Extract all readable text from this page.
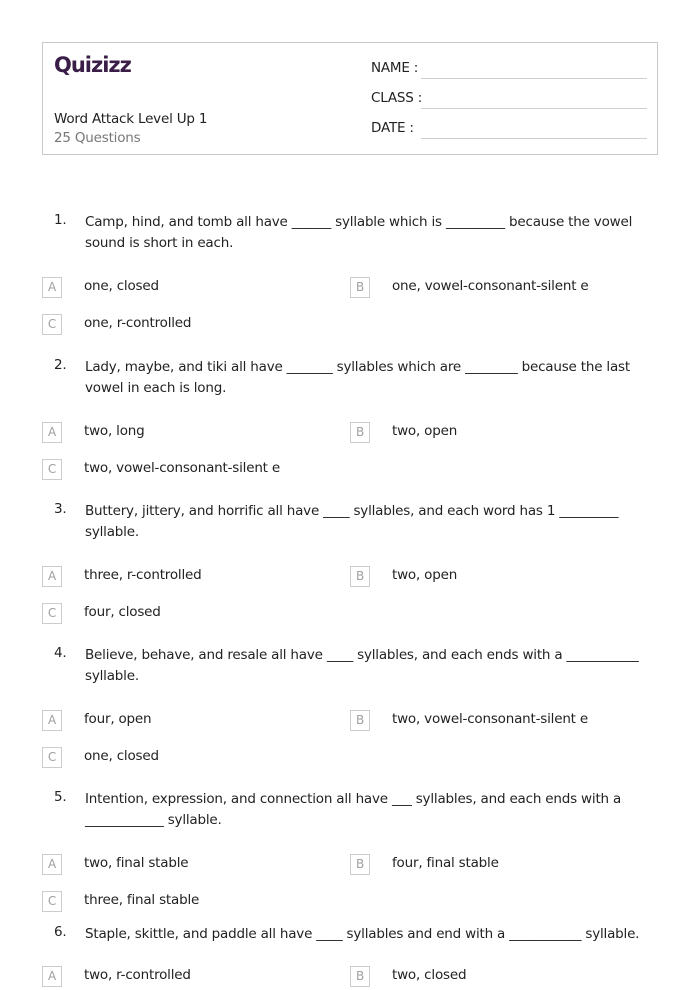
Quizizz
Word Attack Level Up 1
25 Questions
NAME :
CLASS :
DATE :
1. Camp, hind, and tomb all have ______ syllable which is _________ because the vowel sound is short in each.
A	one, closed	B	one, vowel-consonant-silent e
C	one, r-controlled
2. Lady, maybe, and tiki all have _______ syllables which are ________ because the last vowel in each is long.
A	two, long	B	two, open
C	two, vowel-consonant-silent e
3. Buttery, jittery, and horrific all have ____ syllables, and each word has 1 _________ syllable.
A	three, r-controlled	B	two, open
C	four, closed
4. Believe, behave, and resale all have ____ syllables, and each ends with a ___________ syllable.
A	four, open	B	two, vowel-consonant-silent e
C	one, closed
5. Intention, expression, and connection all have ___ syllables, and each ends with a ____________ syllable.
A	two, final stable	B	four, final stable
C	three, final stable
6. Staple, skittle, and paddle all have ____ syllables and end with a ___________ syllable.
A	two, r-controlled	B	two, closed
